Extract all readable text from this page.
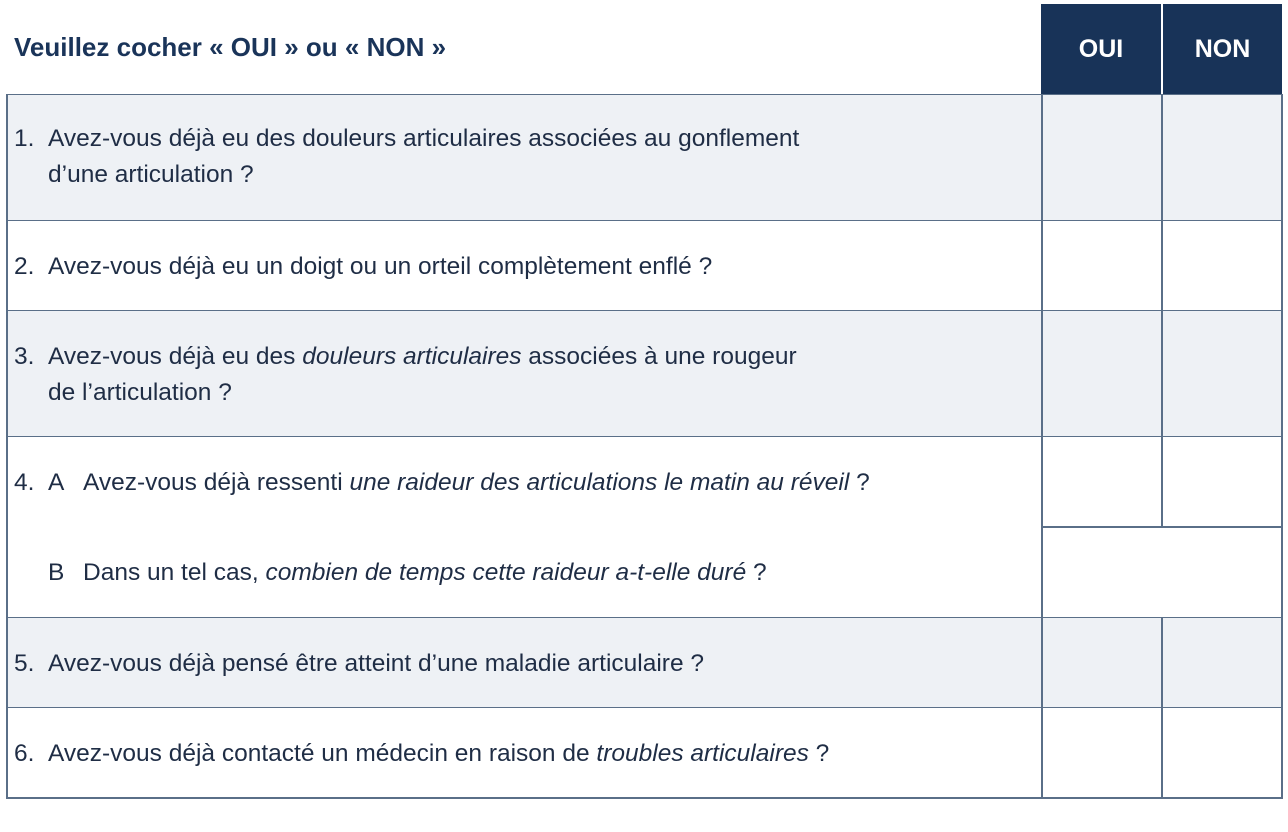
Veuillez cocher « OUI » ou « NON »	OUI	NON
1. Avez-vous déjà eu des douleurs articulaires associées au gonflement
d’une articulation ?
2. Avez-vous déjà eu un doigt ou un orteil complètement enflé ?
3. Avez-vous déjà eu des douleurs articulaires associées à une rougeur
de l’articulation ?
4. A Avez-vous déjà ressenti une raideur des articulations le matin au réveil ?
B Dans un tel cas, combien de temps cette raideur a-t-elle duré ?
5. Avez-vous déjà pensé être atteint d’une maladie articulaire ?
6. Avez-vous déjà contacté un médecin en raison de troubles articulaires ?
